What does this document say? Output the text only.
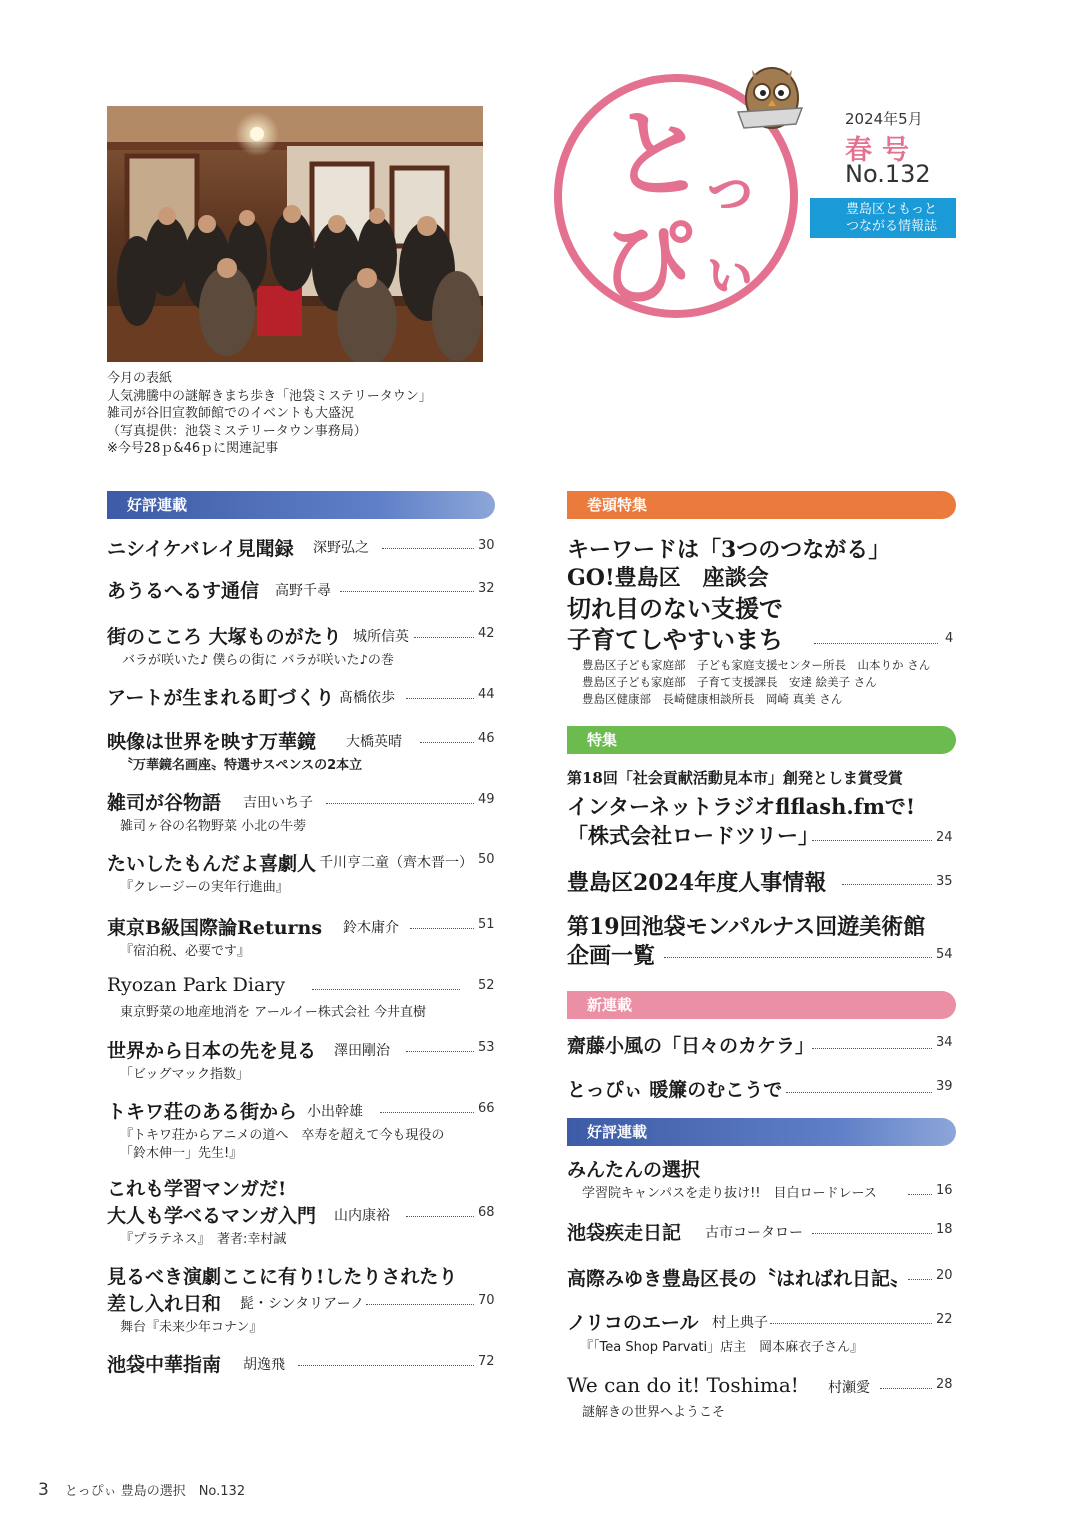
今月の表紙
人気沸騰中の謎解きまち歩き「池袋ミステリータウン」
雑司が谷旧宣教師館でのイベントも大盛況
（写真提供：池袋ミステリータウン事務局）
※今号28ｐ&46ｐに関連記事
と
っ
ぴ ぃ
2024年5月
春号
No.132
豊島区ともっと
つながる情報誌
好評連載
ニシイケバレイ見聞録 深野弘之	30
あうるへるす通信 高野千尋	32
街のこころ 大塚ものがたり 城所信英	42
バラが咲いた♪ 僕らの街に バラが咲いた♪の巻
アートが生まれる町づくり 髙橋依歩	44
映像は世界を映す万華鏡 大橋英晴	46
〝万華鏡名画座〟特選サスペンスの2本立
雑司が谷物語 吉田いち子	49
雑司ヶ谷の名物野菜 小北の牛蒡
たいしたもんだよ喜劇人 千川亨二童（齊木晋一） 50
『クレージーの実年行進曲』
東京B級国際論Returns 鈴木庸介	51
『宿泊税、必要です』
Ryozan Park Diary	52
東京野菜の地産地消を アールイー株式会社 今井直樹
世界から日本の先を見る 澤田剛治	53
「ビッグマック指数」
トキワ荘のある街から 小出幹雄	66
『トキワ荘からアニメの道へ　卒寿を超えて今も現役の
「鈴木伸一」先生!』
これも学習マンガだ!
大人も学べるマンガ入門 山内康裕	68
『プラテネス』　著者:幸村誠
見るべき演劇ここに有り!したりされたり
差し入れ日和 髭・シンタリアーノ	70
舞台『未来少年コナン』
池袋中華指南 胡逸飛	72
巻頭特集
キーワードは「3つのつながる」
GO!豊島区　座談会
切れ目のない支援で
子育てしやすいまち	4
豊島区子ども家庭部　子ども家庭支援センター所長　山本りか さん
豊島区子ども家庭部　子育て支援課長　安達 絵美子 さん
豊島区健康部　長崎健康相談所長　岡崎 真美 さん
特集
第18回「社会貢献活動見本市」創発としま賞受賞
インターネットラジオflflash.fmで!
「株式会社ロードツリー」	24
豊島区2024年度人事情報	35
第19回池袋モンパルナス回遊美術館
企画一覧	54
新連載
齋藤小風の「日々のカケラ」	34
とっぴぃ 暖簾のむこうで	39
好評連載
みんたんの選択
学習院キャンパスを走り抜け!!　目白ロードレース	16
池袋疾走日記 古市コータロー	18
高際みゆき豊島区長の〝はればれ日記〟 20
ノリコのエール 村上典子	22
『「Tea Shop Parvati」店主　岡本麻衣子さん』
We can do it! Toshima! 村瀬愛	28
謎解きの世界へようこそ
3 とっぴぃ 豊島の選択　No.132
